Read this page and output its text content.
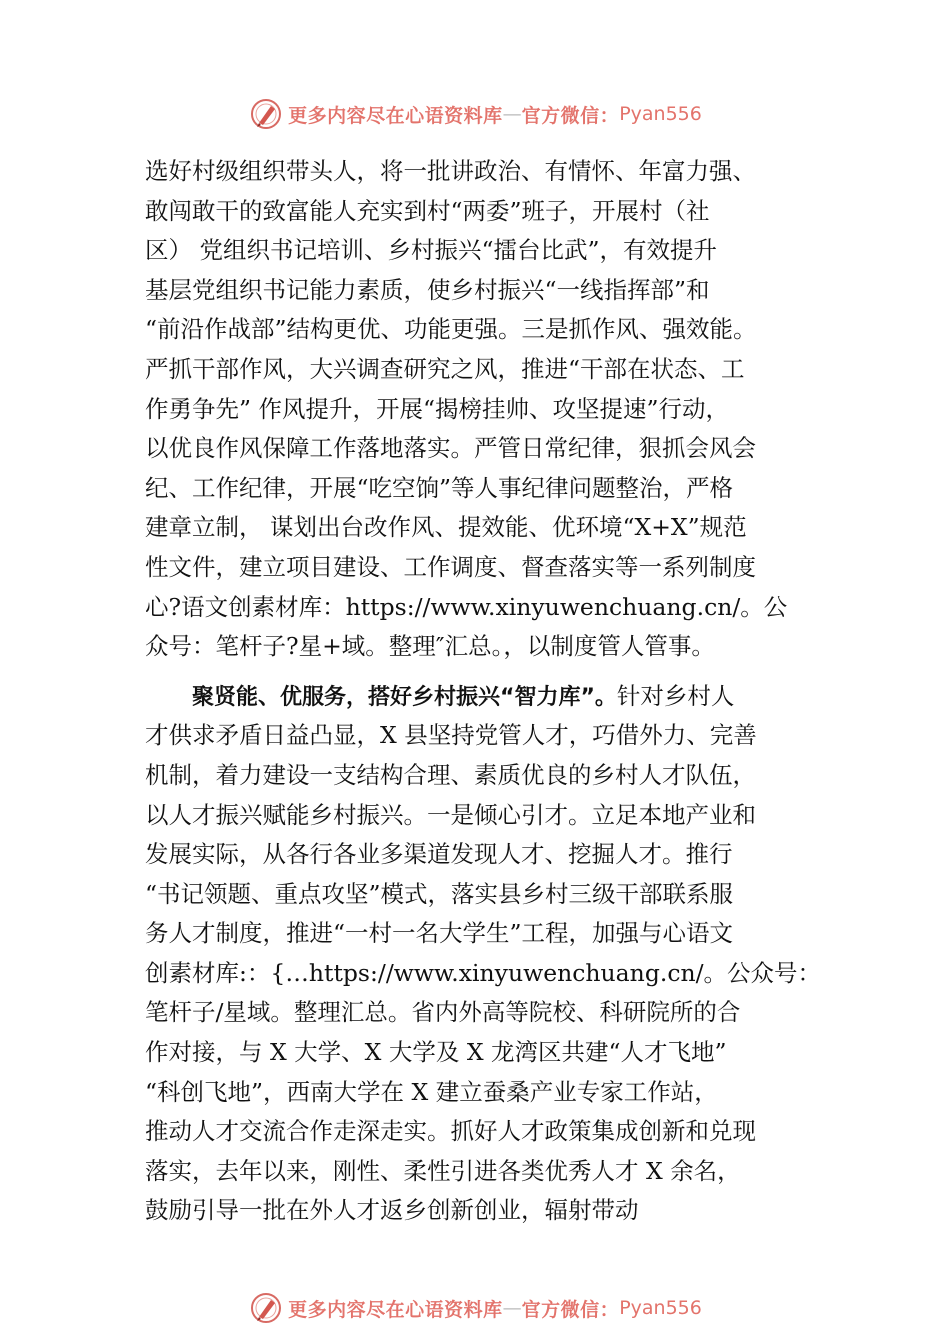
更多内容尽在心语资料库 — 官方微信： Pyan556
选好村级组织带头人，将一批讲政治、有情怀、年富力强、
敢闯敢干的致富能人充实到村“两委”班子，开展村（社
区） 党组织书记培训、乡村振兴“擂台比武”，有效提升
基层党组织书记能力素质，使乡村振兴“一线指挥部”和
“前沿作战部”结构更优、功能更强。三是抓作风、强效能。
严抓干部作风，大兴调查研究之风，推进“干部在状态、工
作勇争先” 作风提升，开展“揭榜挂帅、攻坚提速”行动，
以优良作风保障工作落地落实。严管日常纪律，狠抓会风会
纪、工作纪律，开展“吃空饷”等人事纪律问题整治，严格
建章立制， 谋划出台改作风、提效能、优环境“X+X”规范
性文件，建立项目建设、工作调度、督查落实等一系列制度
心?语文创素材库：https://www.xinyuwenchuang.cn/。公
众号：笔杆子?星+域。整理″汇总。，以制度管人管事。
聚贤能、优服务，搭好乡村振兴“智力库”。针对乡村人
才供求矛盾日益凸显，X 县坚持党管人才，巧借外力、完善
机制，着力建设一支结构合理、素质优良的乡村人才队伍，
以人才振兴赋能乡村振兴。一是倾心引才。立足本地产业和
发展实际，从各行各业多渠道发现人才、挖掘人才。推行
“书记领题、重点攻坚”模式，落实县乡村三级干部联系服
务人才制度，推进“一村一名大学生”工程，加强与心语文
创素材库:：{…https://www.xinyuwenchuang.cn/。公众号：
笔杆子/星域。整理汇总。省内外高等院校、科研院所的合
作对接，与 X 大学、X 大学及 X 龙湾区共建“人才飞地”
“科创飞地”，西南大学在 X 建立蚕桑产业专家工作站，
推动人才交流合作走深走实。抓好人才政策集成创新和兑现
落实，去年以来，刚性、柔性引进各类优秀人才 X 余名，
鼓励引导一批在外人才返乡创新创业，辐射带动
更多内容尽在心语资料库 — 官方微信： Pyan556
